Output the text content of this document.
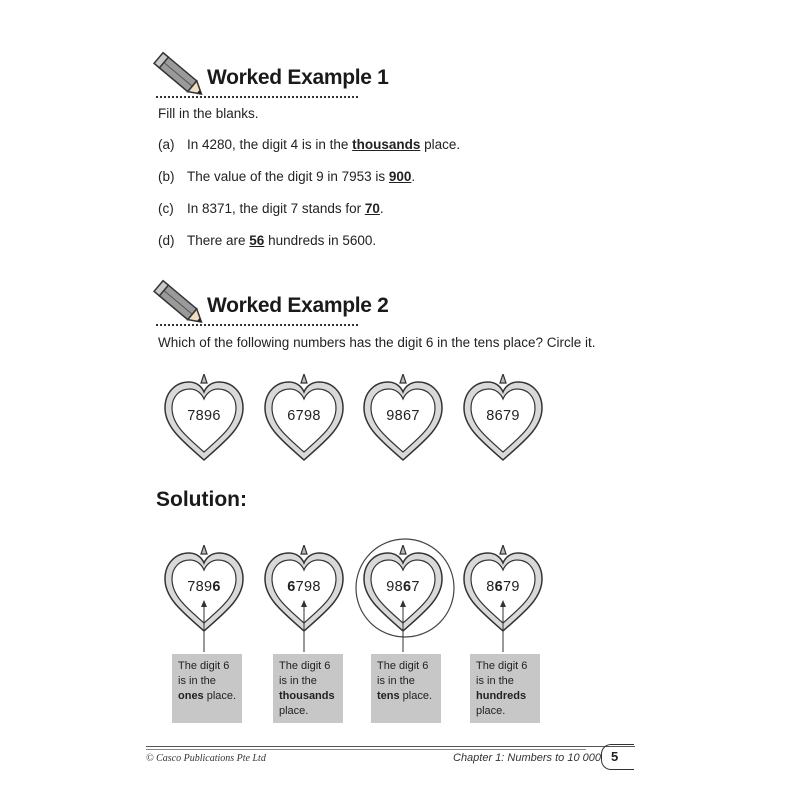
Worked Example 1
Fill in the blanks.
(a) In 4280, the digit 4 is in the thousands place.
(b) The value of the digit 9 in 7953 is 900.
(c) In 8371, the digit 7 stands for 70.
(d) There are 56 hundreds in 5600.
Worked Example 2
Which of the following numbers has the digit 6 in the tens place? Circle it.
7896	6798	9867	8679
Solution:
7896	6798	9867	8679
The digit 6
is in the
ones place.
The digit 6
is in the
thousands
place.
The digit 6
is in the
tens place.
The digit 6
is in the
hundreds
place.
© Casco Publications Pte Ltd	Chapter 1: Numbers to 10 000 5
